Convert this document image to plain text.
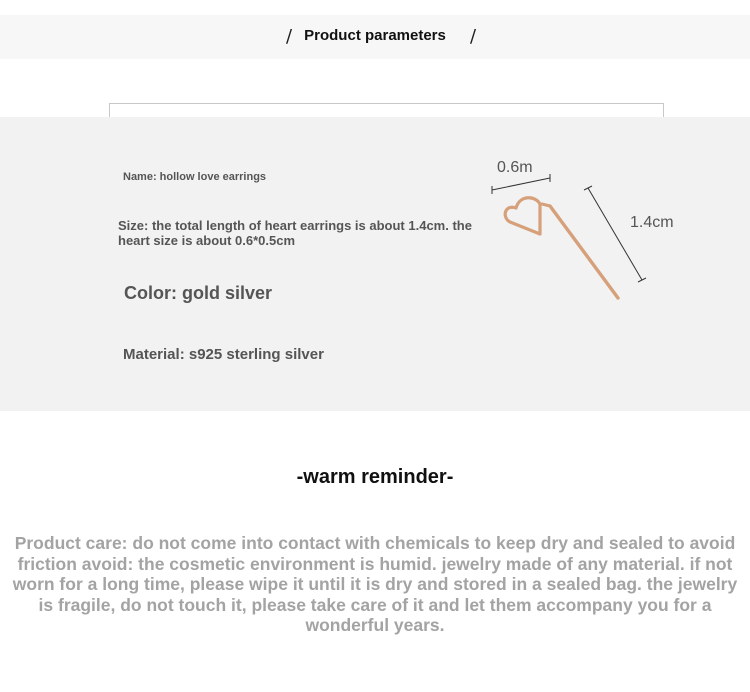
/ Product parameters	/
Name: hollow love earrings
Size: the total length of heart earrings is about 1.4cm. the heart size is about 0.6*0.5cm
Color: gold silver
Material: s925 sterling silver
0.6m
1.4cm
-warm reminder-
Product care: do not come into contact with chemicals to keep dry and sealed to avoid friction avoid: the cosmetic environment is humid. jewelry made of any material. if not worn for a long time, please wipe it until it is dry and stored in a sealed bag. the jewelry is fragile, do not touch it, please take care of it and let them accompany you for a wonderful years.
